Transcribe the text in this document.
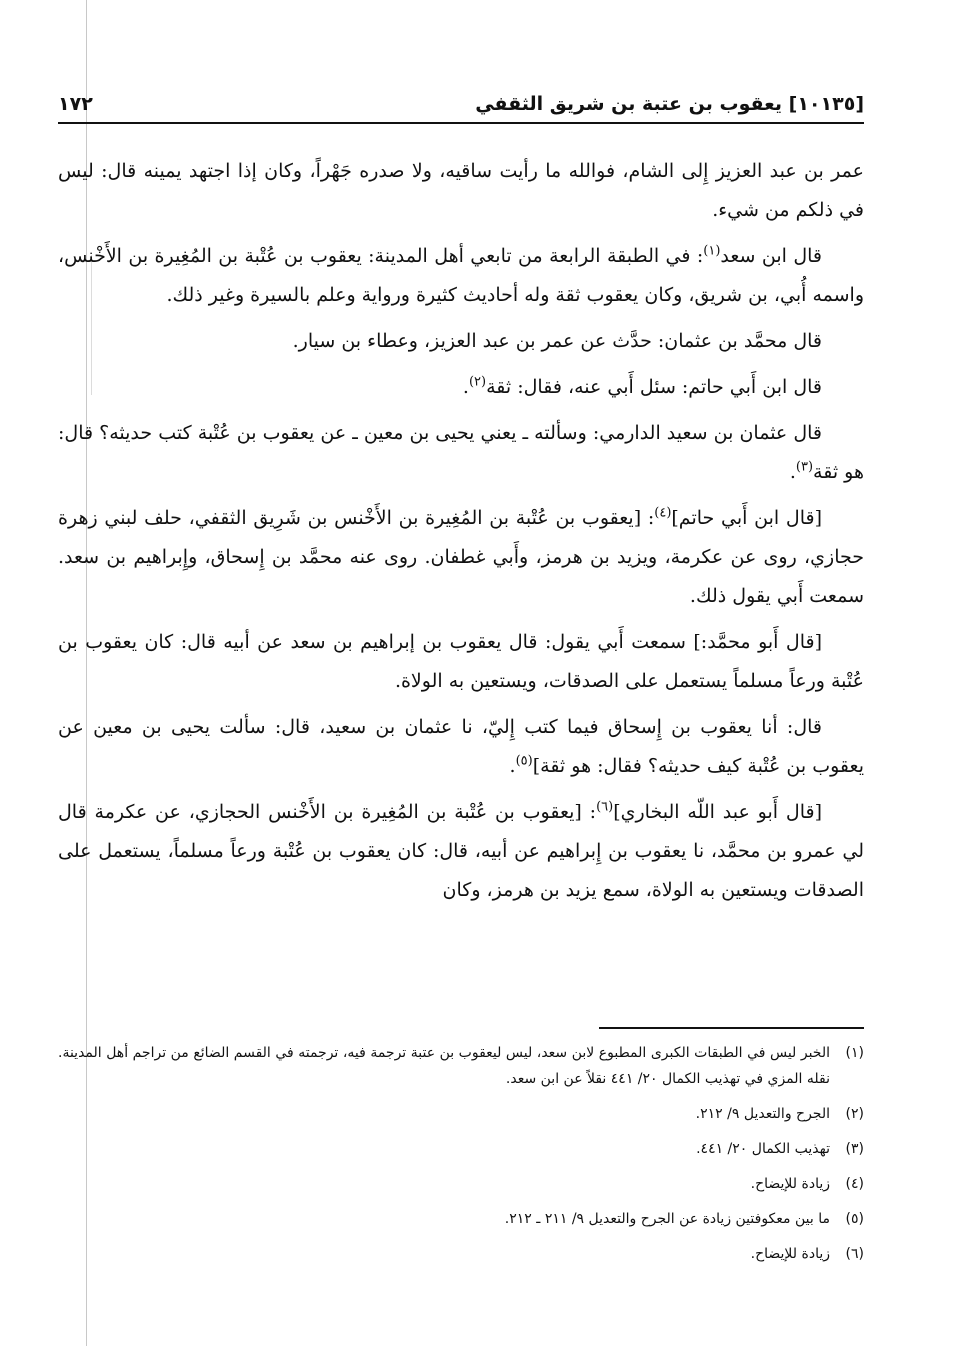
[١٠١٣٥] يعقوب بن عتبة بن شريق الثقفي
١٧٢

عمر بن عبد العزيز إِلى الشام، فوالله ما رأيت ساقيه، ولا صدره جَهْراً، وكان إذا اجتهد يمينه قال: ليس في ذلكم من شيء.

قال ابن سعد$^{(١)}$: في الطبقة الرابعة من تابعي أهل المدينة: يعقوب بن عُتْبة بن المُغِيرة بن الأَخْنس، واسمه أُبي، بن شريق، وكان يعقوب ثقة وله أحاديث كثيرة ورواية وعلم بالسيرة وغير ذلك.

قال محمَّد بن عثمان: حدَّث عن عمر بن عبد العزيز، وعطاء بن سيار.

قال ابن أَبي حاتم: سئل أَبي عنه، فقال: ثقة$^{(٢)}$.

قال عثمان بن سعيد الدارمي: وسألته ـ يعني يحيى بن معين ـ عن يعقوب بن عُتْبة كتب حديثه؟ قال: هو ثقة$^{(٣)}$.

[قال ابن أَبي حاتم]$^{(٤)}$: [يعقوب بن عُتْبة بن المُغِيرة بن الأَخْنس بن شَرِيق الثقفي، حلف لبني زهرة حجازي، روى عن عكرمة، ويزيد بن هرمز، وأَبي غطفان. روى عنه محمَّد بن إِسحاق، وإِبراهيم بن سعد. سمعت أَبي يقول ذلك.

[قال أَبو محمَّد:] سمعت أَبي يقول: قال يعقوب بن إبراهيم بن سعد عن أبيه قال: كان يعقوب بن عُتْبة ورعاً مسلماً يستعمل على الصدقات، ويستعين به الولاة.

قال: أنا يعقوب بن إِسحاق فيما كتب إِليّ، نا عثمان بن سعيد، قال: سألت يحيى بن معين عن يعقوب بن عُتْبة كيف حديثه؟ فقال: هو ثقة]$^{(٥)}$.

[قال أَبو عبد اللّه البخاري]$^{(٦)}$: [يعقوب بن عُتْبة بن المُغِيرة بن الأَخْنس الحجازي، عن عكرمة قال لي عمرو بن محمَّد، نا يعقوب بن إِبراهيم عن أبيه، قال: كان يعقوب بن عُتْبة ورعاً مسلماً، يستعمل على الصدقات ويستعين به الولاة، سمع يزيد بن هرمز، وكان

(١)
الخبر ليس في الطبقات الكبرى المطبوع لابن سعد، ليس ليعقوب بن عتبة ترجمة فيه، ترجمته في القسم الضائع من تراجم أهل المدينة. نقله المزي في تهذيب الكمال ٢٠/ ٤٤١ نقلاً عن ابن سعد.
(٢)
الجرح والتعديل ٩/ ٢١٢.
(٣)
تهذيب الكمال ٢٠/ ٤٤١.
(٤)
زيادة للإيضاح.
(٥)
ما بين معكوفتين زيادة عن الجرح والتعديل ٩/ ٢١١ ـ ٢١٢.
(٦)
زيادة للإيضاح.
